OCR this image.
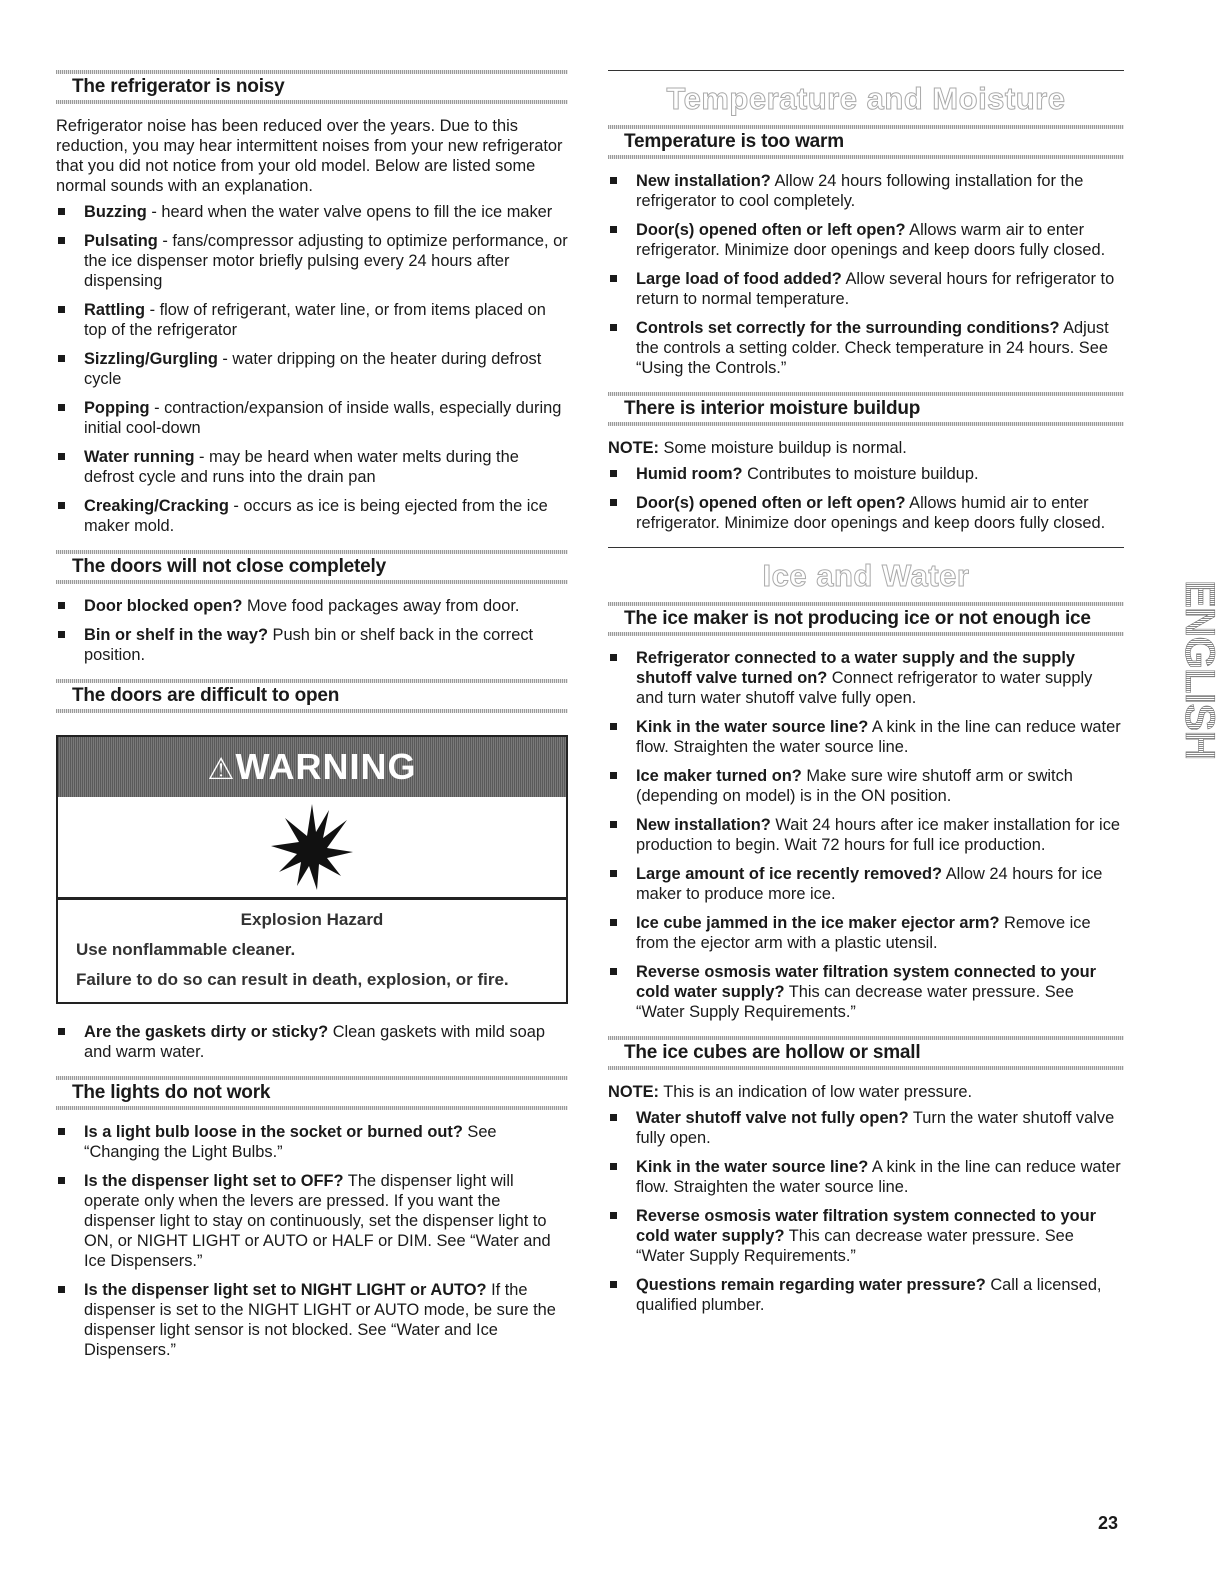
The refrigerator is noisy

Refrigerator noise has been reduced over the years. Due to this reduction, you may hear intermittent noises from your new refrigerator that you did not notice from your old model. Below are listed some normal sounds with an explanation.

Buzzing - heard when the water valve opens to fill the ice maker
Pulsating - fans/compressor adjusting to optimize performance, or the ice dispenser motor briefly pulsing every 24 hours after dispensing
Rattling - flow of refrigerant, water line, or from items placed on top of the refrigerator
Sizzling/Gurgling - water dripping on the heater during defrost cycle
Popping - contraction/expansion of inside walls, especially during initial cool-down
Water running - may be heard when water melts during the defrost cycle and runs into the drain pan
Creaking/Cracking - occurs as ice is being ejected from the ice maker mold.
The doors will not close completely
Door blocked open? Move food packages away from door.
Bin or shelf in the way? Push bin or shelf back in the correct position.
The doors are difficult to open
⚠WARNING
Explosion Hazard
Use nonflammable cleaner.
Failure to do so can result in death, explosion, or fire.
Are the gaskets dirty or sticky? Clean gaskets with mild soap and warm water.
The lights do not work
Is a light bulb loose in the socket or burned out? See “Changing the Light Bulbs.”
Is the dispenser light set to OFF? The dispenser light will operate only when the levers are pressed. If you want the dispenser light to stay on continuously, set the dispenser light to ON, or NIGHT LIGHT or AUTO or HALF or DIM. See “Water and Ice Dispensers.”
Is the dispenser light set to NIGHT LIGHT or AUTO? If the dispenser is set to the NIGHT LIGHT or AUTO mode, be sure the dispenser light sensor is not blocked. See “Water and Ice Dispensers.”
Temperature and Moisture
Temperature is too warm
New installation? Allow 24 hours following installation for the refrigerator to cool completely.
Door(s) opened often or left open? Allows warm air to enter refrigerator. Minimize door openings and keep doors fully closed.
Large load of food added? Allow several hours for refrigerator to return to normal temperature.
Controls set correctly for the surrounding conditions? Adjust the controls a setting colder. Check temperature in 24 hours. See “Using the Controls.”
There is interior moisture buildup

NOTE: Some moisture buildup is normal.

Humid room? Contributes to moisture buildup.
Door(s) opened often or left open? Allows humid air to enter refrigerator. Minimize door openings and keep doors fully closed.
Ice and Water
The ice maker is not producing ice or not enough ice
Refrigerator connected to a water supply and the supply shutoff valve turned on? Connect refrigerator to water supply and turn water shutoff valve fully open.
Kink in the water source line? A kink in the line can reduce water flow. Straighten the water source line.
Ice maker turned on? Make sure wire shutoff arm or switch (depending on model) is in the ON position.
New installation? Wait 24 hours after ice maker installation for ice production to begin. Wait 72 hours for full ice production.
Large amount of ice recently removed? Allow 24 hours for ice maker to produce more ice.
Ice cube jammed in the ice maker ejector arm? Remove ice from the ejector arm with a plastic utensil.
Reverse osmosis water filtration system connected to your cold water supply? This can decrease water pressure. See “Water Supply Requirements.”
The ice cubes are hollow or small

NOTE: This is an indication of low water pressure.

Water shutoff valve not fully open? Turn the water shutoff valve fully open.
Kink in the water source line? A kink in the line can reduce water flow. Straighten the water source line.
Reverse osmosis water filtration system connected to your cold water supply? This can decrease water pressure. See “Water Supply Requirements.”
Questions remain regarding water pressure? Call a licensed, qualified plumber.
ENGLISH
23
